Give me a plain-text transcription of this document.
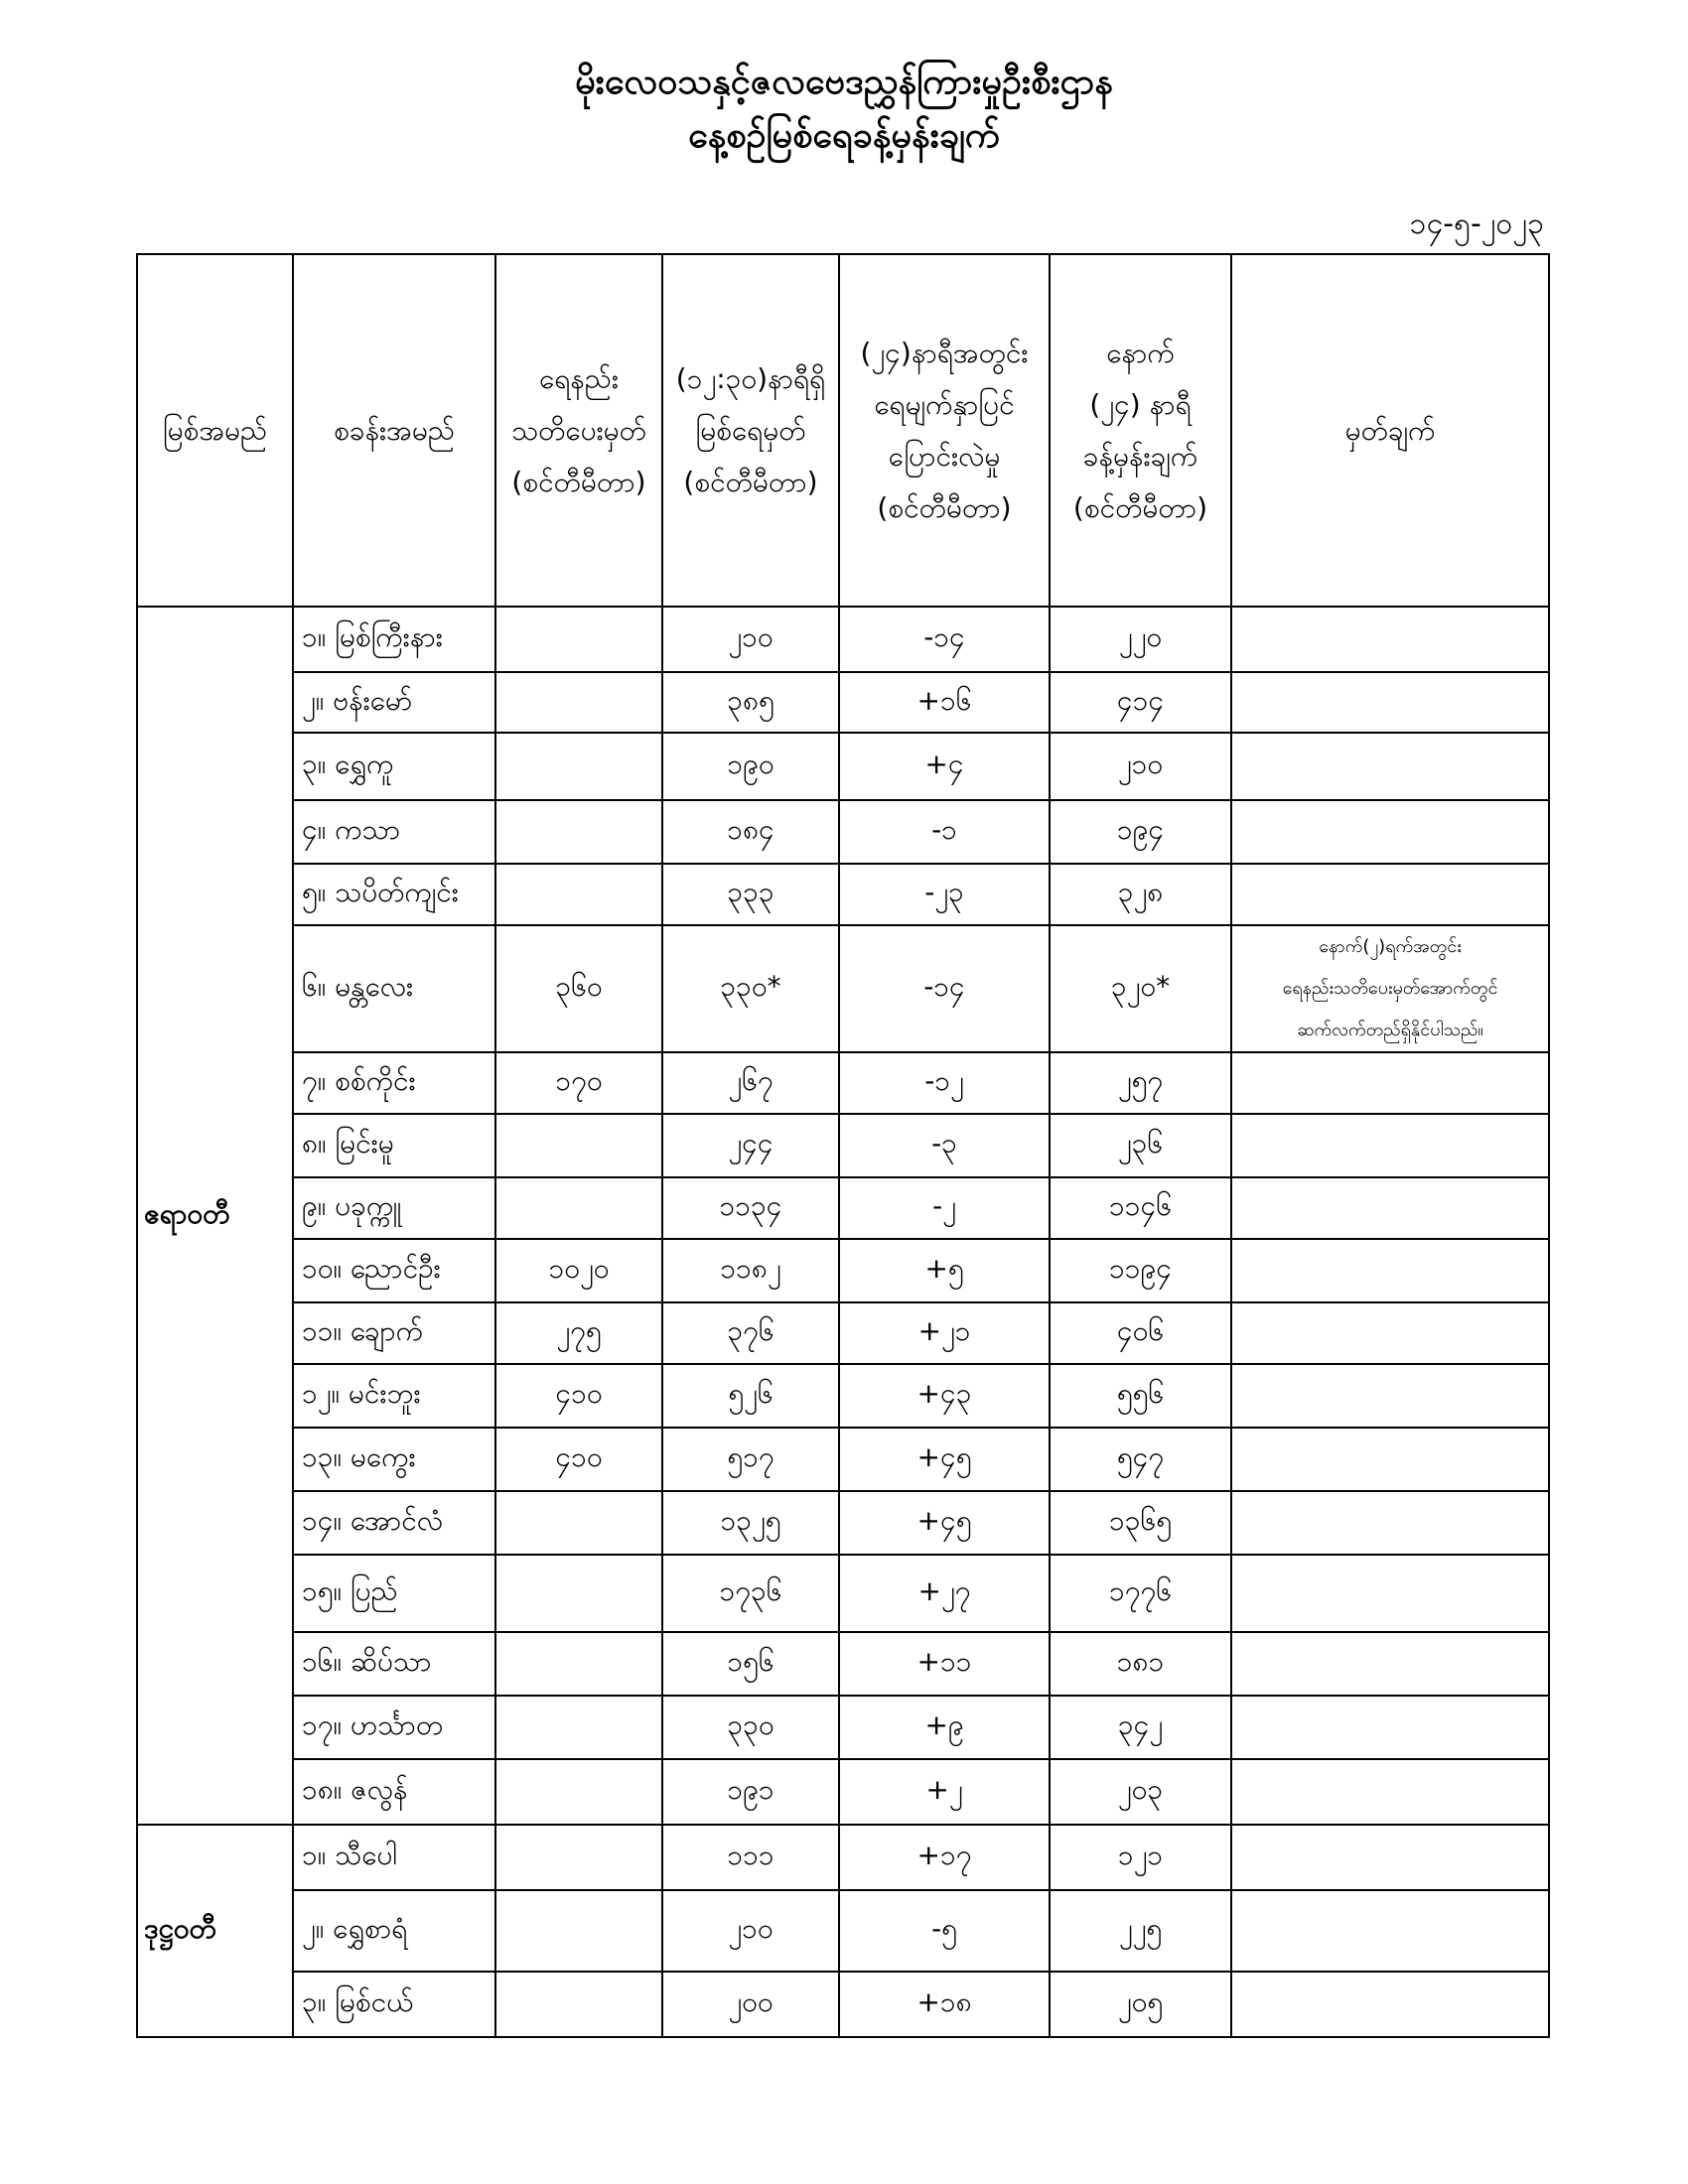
မိုးလေဝသနှင့်ဇလဗေဒညွှန်ကြားမှုဦးစီးဌာန
နေ့စဥ်မြစ်ရေခန့်မှန်းချက်
၁၄-၅-၂၀၂၃
မြစ်အမည်	စခန်းအမည်	ရေနည်း
သတိပေးမှတ်
(စင်တီမီတာ)	(၁၂:၃၀)နာရီရှိ
မြစ်ရေမှတ်
(စင်တီမီတာ)	(၂၄)နာရီအတွင်း
ရေမျက်နှာပြင်
ပြောင်းလဲမှု
(စင်တီမီတာ)	နောက်
(၂၄) နာရီ
ခန့်မှန်းချက်
(စင်တီမီတာ)	မှတ်ချက်
ဧရာဝတီ	၁။ မြစ်ကြီးနား		၂၁၀	-၁၄	၂၂၀	
	၂။ ဗန်းမော်		၃၈၅	+၁၆	၄၁၄	
	၃။ ရွှေကူ		၁၉၀	+၄	၂၁၀	
	၄။ ကသာ		၁၈၄	-၁	၁၉၄	
	၅။ သပိတ်ကျင်း		၃၃၃	-၂၃	၃၂၈	
	၆။ မန္တလေး	၃၆၀	၃၃၀*	-၁၄	၃၂၀*	နောက်(၂)ရက်အတွင်း
ရေနည်းသတိပေးမှတ်အောက်တွင်
ဆက်လက်တည်ရှိနိုင်ပါသည်။
	၇။ စစ်ကိုင်း	၁၇၀	၂၆၇	-၁၂	၂၅၇	
	၈။ မြင်းမူ		၂၄၄	-၃	၂၃၆	
	၉။ ပခုက္ကူ		၁၁၃၄	-၂	၁၁၄၆	
	၁၀။ ညောင်ဦး	၁၀၂၀	၁၁၈၂	+၅	၁၁၉၄	
	၁၁။ ချောက်	၂၇၅	၃၇၆	+၂၁	၄၀၆	
	၁၂။ မင်းဘူး	၄၁၀	၅၂၆	+၄၃	၅၅၆	
	၁၃။ မကွေး	၄၁၀	၅၁၇	+၄၅	၅၄၇	
	၁၄။ အောင်လံ		၁၃၂၅	+၄၅	၁၃၆၅	
	၁၅။ ပြည်		၁၇၃၆	+၂၇	၁၇၇၆	
	၁၆။ ဆိပ်သာ		၁၅၆	+၁၁	၁၈၁	
	၁၇။ ဟင်္သာတ		၃၃၀	+၉	၃၄၂	
	၁၈။ ဇလွန်		၁၉၁	+၂	၂၀၃	
ဒုဋ္ဌဝတီ	၁။ သီပေါ		၁၁၁	+၁၇	၁၂၁	
	၂။ ရွှေစာရံ		၂၁၀	-၅	၂၂၅	
	၃။ မြစ်ငယ်		၂၀၀	+၁၈	၂၀၅	
